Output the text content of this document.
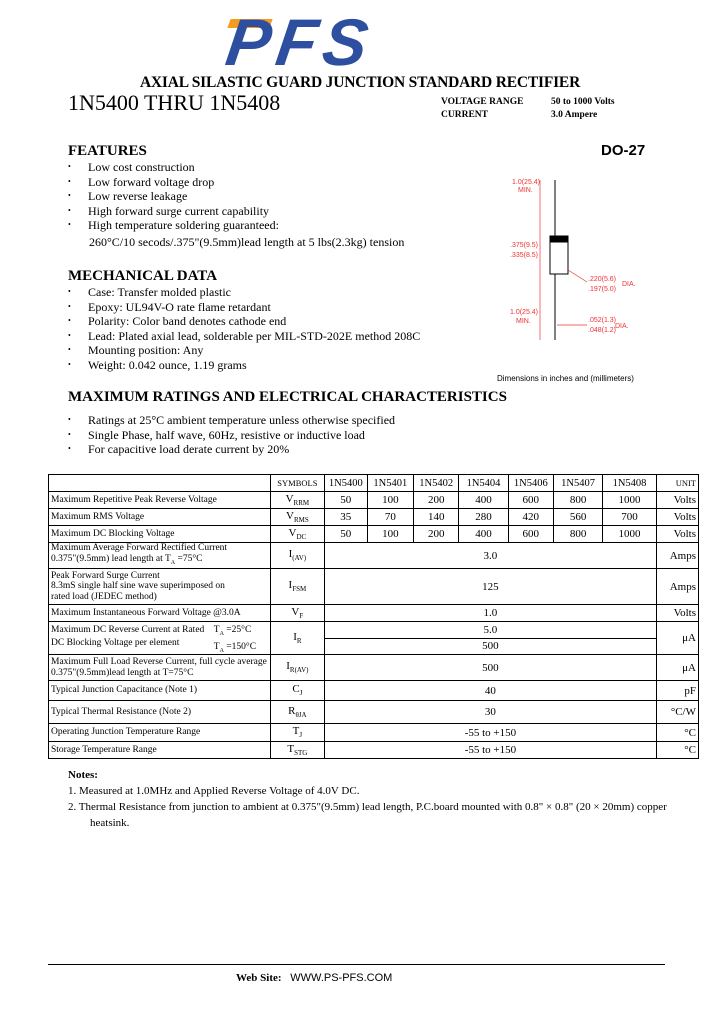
PFS
AXIAL SILASTIC GUARD JUNCTION STANDARD RECTIFIER
1N5400 THRU 1N5408	VOLTAGE RANGE	50 to 1000 Volts
CURRENT	3.0 Ampere
FEATURES
• Low cost construction
• Low forward voltage drop
• Low reverse leakage
• High forward surge current capability
• High temperature soldering guaranteed:
260°C/10 secods/.375"(9.5mm)lead length at 5 lbs(2.3kg) tension
MECHANICAL DATA
• Case: Transfer molded plastic
• Epoxy: UL94V-O rate flame retardant
• Polarity: Color band denotes cathode end
• Lead: Plated axial lead, solderable per MIL-STD-202E method 208C
• Mounting position: Any
• Weight: 0.042 ounce, 1.19 grams
MAXIMUM RATINGS AND ELECTRICAL CHARACTERISTICS
• Ratings at 25°C ambient temperature unless otherwise specified
• Single Phase, half wave, 60Hz, resistive or inductive load
• For capacitive load derate current by 20%
DO-27
1.0(25.4)
MIN.
.375(9.5)
.335(8.5)
.220(5.6)
.197(5.0)
DIA.
1.0(25.4)
MIN.	.052(1.3)
.048(1.2)
DIA.
Dimensions in inches and (millimeters)
	SYMBOLS	1N5400	1N5401	1N5402	1N5404	1N5406	1N5407	1N5408	UNIT
Maximum Repetitive Peak Reverse Voltage	$V_{RRM}$	50	100	200	400	600	800	1000	Volts
Maximum RMS Voltage	$V_{RMS}$	35	70	140	280	420	560	700	Volts
Maximum DC Blocking Voltage	$V_{DC}$	50	100	200	400	600	800	1000	Volts

Maximum Average Forward Rectified Current
0.375"(9.5mm) lead length at $T_A =75^\circ C$	$I_{(AV)}$	3.0							Amps

Peak Forward Surge Current
8.3mS single half sine wave superimposed on
rated load (JEDEC method)	$I_{FSM}$	125							Amps
Maximum Instantaneous Forward Voltage @3.0A	$V_F$	1.0							Volts

Maximum DC Reverse Current at Rated
DC Blocking Voltage per element
$T_A =25^\circ C$
$T_A =150^\circ C$	$I_R$	5.0							μA
		500							

Maximum Full Load Reverse Current, full cycle average
0.375"(9.5mm)lead length at T=75°C	$I_{R(AV)}$	500							μA
Typical Junction Capacitance (Note 1)	$C_J$	40							pF
Typical Thermal Resistance (Note 2)	$R_{\theta JA}$	30							°C/W
Operating Junction Temperature Range	$T_J$	-55 to +150							°C
Storage Temperature Range	$T_{STG}$	-55 to +150							°C
Notes:
1. Measured at 1.0MHz and Applied Reverse Voltage of 4.0V DC.
2. Thermal Resistance from junction to ambient at 0.375"(9.5mm) lead length, P.C.board mounted with 0.8" × 0.8" (20 × 20mm) copper heatsink.
Web Site: WWW.PS-PFS.COM
